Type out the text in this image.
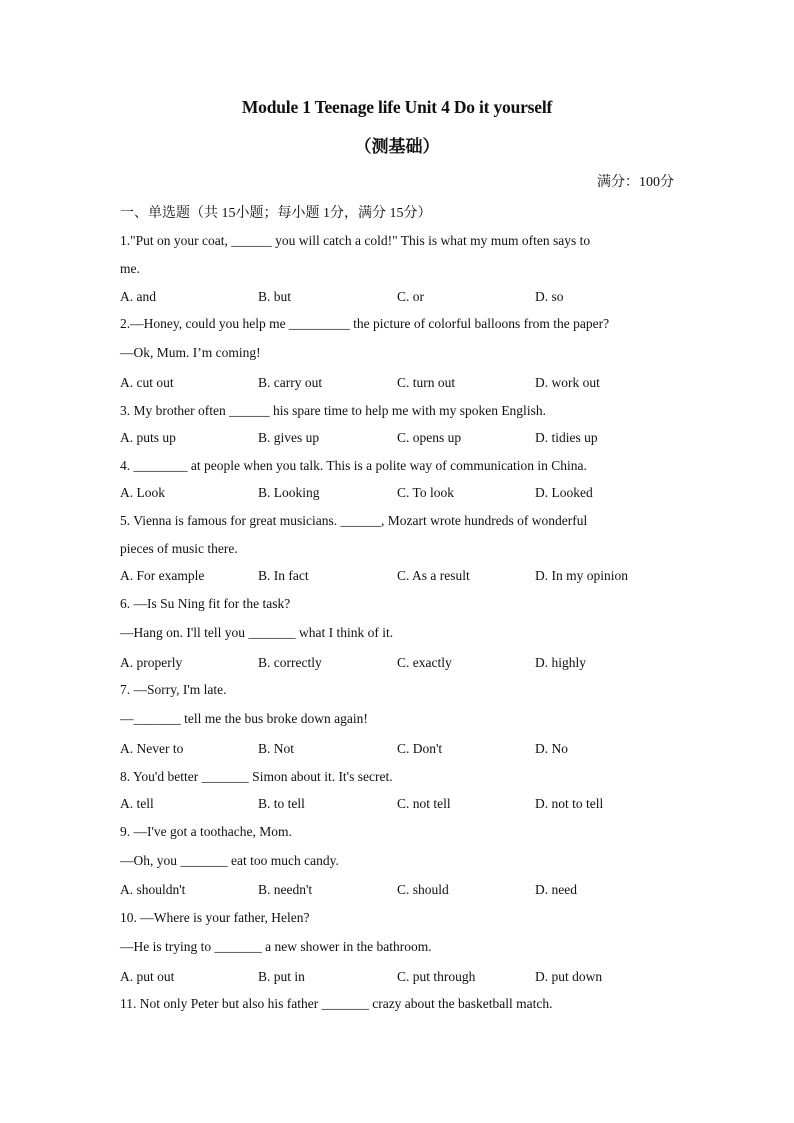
Module 1 Teenage life Unit 4 Do it yourself
（测基础）
满分：100分
一、单选题（共 15小题；每小题 1分，满分 15分）
1."Put on your coat, ______ you will catch a cold!" This is what my mum often says to
me.
A. and	B. but	C. or	D. so
2.—Honey, could you help me _________ the picture of colorful balloons from the paper?
—Ok, Mum. I’m coming!
A. cut out	B. carry out	C. turn out	D. work out
3. My brother often ______ his spare time to help me with my spoken English.
A. puts up	B. gives up	C. opens up	D. tidies up
4. ________ at people when you talk. This is a polite way of communication in China.
A. Look	B. Looking	C. To look	D. Looked
5. Vienna is famous for great musicians. ______, Mozart wrote hundreds of wonderful
pieces of music there.
A. For example	B. In fact	C. As a result	D. In my opinion
6. —Is Su Ning fit for the task?
—Hang on. I'll tell you _______ what I think of it.
A. properly	B. correctly	C. exactly	D. highly
7. —Sorry, I'm late.
—_______ tell me the bus broke down again!
A. Never to	B. Not	C. Don't	D. No
8. You'd better _______ Simon about it. It's secret.
A. tell	B. to tell	C. not tell	D. not to tell
9. —I've got a toothache, Mom.
—Oh, you _______ eat too much candy.
A. shouldn't	B. needn't	C. should	D. need
10. —Where is your father, Helen?
—He is trying to _______ a new shower in the bathroom.
A. put out	B. put in	C. put through	D. put down
11. Not only Peter but also his father _______ crazy about the basketball match.
